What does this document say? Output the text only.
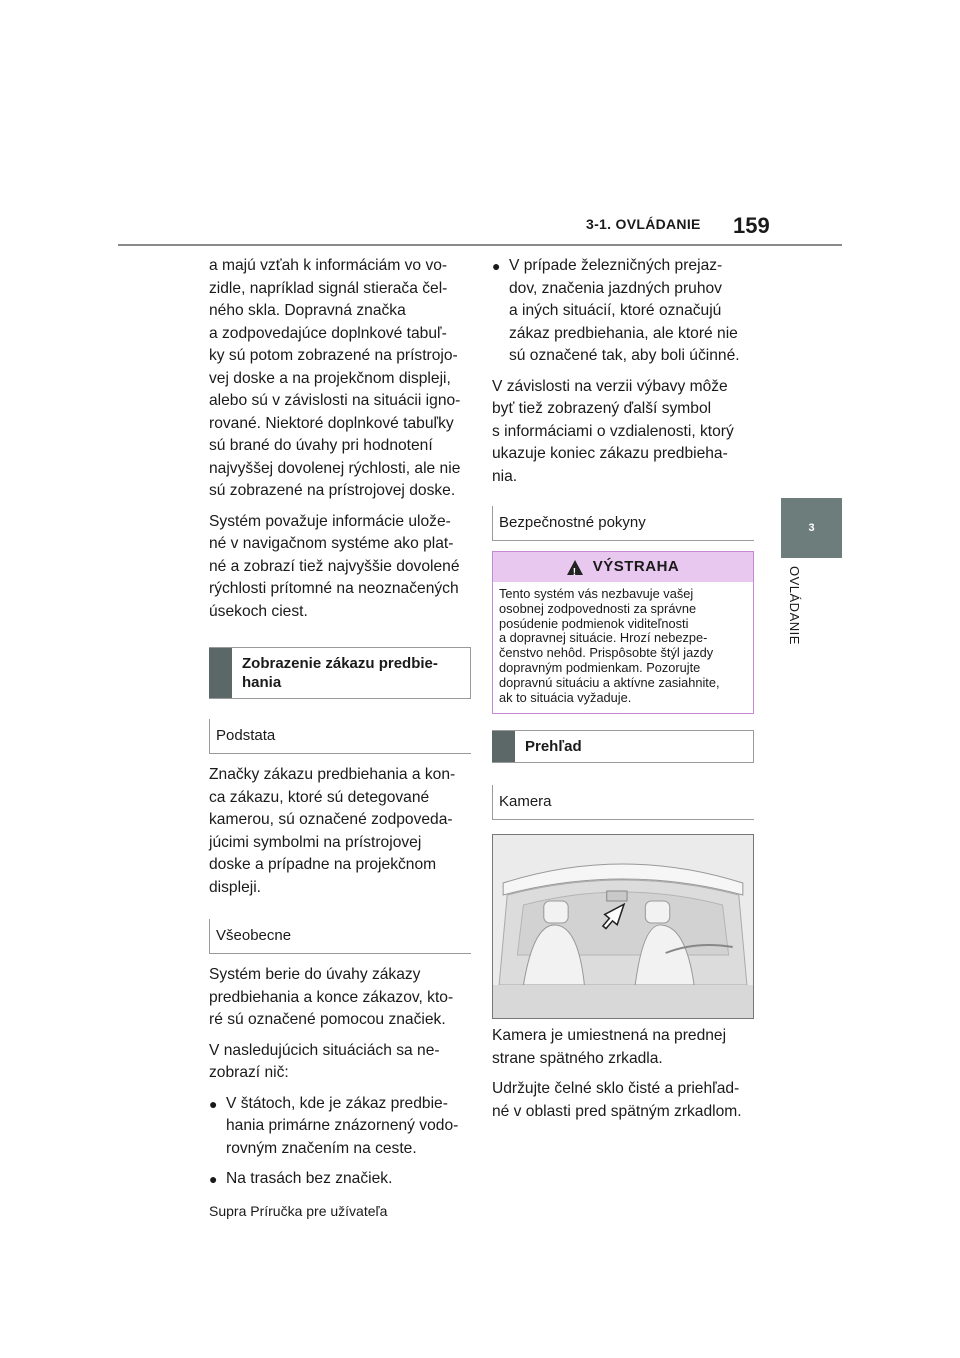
3-1. OVLÁDANIE 159
3
OVLÁDANIE

a majú vzťah k informáciám vo vo-
zidle, napríklad signál stierača čel-
ného skla. Dopravná značka
a zodpovedajúce doplnkové tabuľ-
ky sú potom zobrazené na prístrojo-
vej doske a na projekčnom displeji,
alebo sú v závislosti na situácii igno-
rované. Niektoré doplnkové tabuľky
sú brané do úvahy pri hodnotení
najvyššej dovolenej rýchlosti, ale nie
sú zobrazené na prístrojovej doske.

Systém považuje informácie ulože-
né v navigačnom systéme ako plat-
né a zobrazí tiež najvyššie dovolené
rýchlosti prítomné na neoznačených
úsekoch ciest.

Zobrazenie zákazu predbie-
hania
Podstata

Značky zákazu predbiehania a kon-
ca zákazu, ktoré sú detegované
kamerou, sú označené zodpoveda-
júcimi symbolmi na prístrojovej
doske a prípadne na projekčnom
displeji.

Všeobecne

Systém berie do úvahy zákazy
predbiehania a konce zákazov, kto-
ré sú označené pomocou značiek.

V nasledujúcich situáciách sa ne-
zobrazí nič:

● V štátoch, kde je zákaz predbie-
hania primárne znázornený vodo-
rovným značením na ceste.
● Na trasách bez značiek.
● V prípade železničných prejaz-
dov, značenia jazdných pruhov
a iných situácií, ktoré označujú
zákaz predbiehania, ale ktoré nie
sú označené tak, aby boli účinné.

V závislosti na verzii výbavy môže
byť tiež zobrazený ďalší symbol
s informáciami o vzdialenosti, ktorý
ukazuje koniec zákazu predbieha-
nia.

Bezpečnostné pokyny
!
VÝSTRAHA
Tento systém vás nezbavuje vašej
osobnej zodpovednosti za správne
posúdenie podmienok viditeľnosti
a dopravnej situácie. Hrozí nebezpe-
čenstvo nehôd. Prispôsobte štýl jazdy
dopravným podmienkam. Pozorujte
dopravnú situáciu a aktívne zasiahnite,
ak to situácia vyžaduje.
Prehľad
Kamera

Kamera je umiestnená na prednej
strane spätného zrkadla.

Udržujte čelné sklo čisté a priehľad-
né v oblasti pred spätným zrkadlom.

Supra Príručka pre užívateľa
